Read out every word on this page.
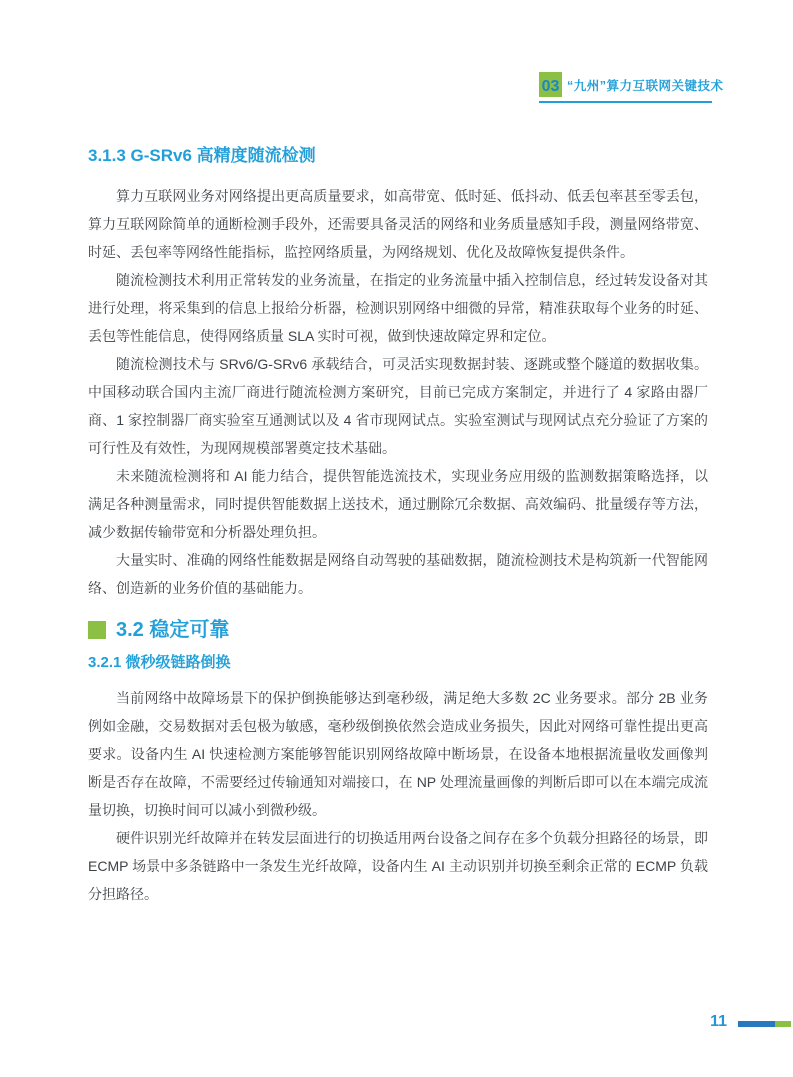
03 “九州”算力互联网关键技术
3.1.3 G-SRv6 高精度随流检测

算力互联网业务对网络提出更高质量要求，如高带宽、低时延、低抖动、低丢包率甚至零丢包，算力互联网除简单的通断检测手段外，还需要具备灵活的网络和业务质量感知手段，测量网络带宽、时延、丢包率等网络性能指标，监控网络质量，为网络规划、优化及故障恢复提供条件。

随流检测技术利用正常转发的业务流量，在指定的业务流量中插入控制信息，经过转发设备对其进行处理，将采集到的信息上报给分析器，检测识别网络中细微的异常，精准获取每个业务的时延、丢包等性能信息，使得网络质量 SLA 实时可视，做到快速故障定界和定位。

随流检测技术与 SRv6/G-SRv6 承载结合，可灵活实现数据封装、逐跳或整个隧道的数据收集。中国移动联合国内主流厂商进行随流检测方案研究，目前已完成方案制定，并进行了 4 家路由器厂商、1 家控制器厂商实验室互通测试以及 4 省市现网试点。实验室测试与现网试点充分验证了方案的可行性及有效性，为现网规模部署奠定技术基础。

未来随流检测将和 AI 能力结合，提供智能选流技术，实现业务应用级的监测数据策略选择，以满足各种测量需求，同时提供智能数据上送技术，通过删除冗余数据、高效编码、批量缓存等方法，减少数据传输带宽和分析器处理负担。

大量实时、准确的网络性能数据是网络自动驾驶的基础数据，随流检测技术是构筑新一代智能网络、创造新的业务价值的基础能力。

3.2 稳定可靠
3.2.1 微秒级链路倒换

当前网络中故障场景下的保护倒换能够达到毫秒级，满足绝大多数 2C 业务要求。部分 2B 业务例如金融，交易数据对丢包极为敏感，毫秒级倒换依然会造成业务损失，因此对网络可靠性提出更高要求。设备内生 AI 快速检测方案能够智能识别网络故障中断场景，在设备本地根据流量收发画像判断是否存在故障，不需要经过传输通知对端接口，在 NP 处理流量画像的判断后即可以在本端完成流量切换，切换时间可以减小到微秒级。

硬件识别光纤故障并在转发层面进行的切换适用两台设备之间存在多个负载分担路径的场景，即 ECMP 场景中多条链路中一条发生光纤故障，设备内生 AI 主动识别并切换至剩余正常的 ECMP 负载分担路径。

11
